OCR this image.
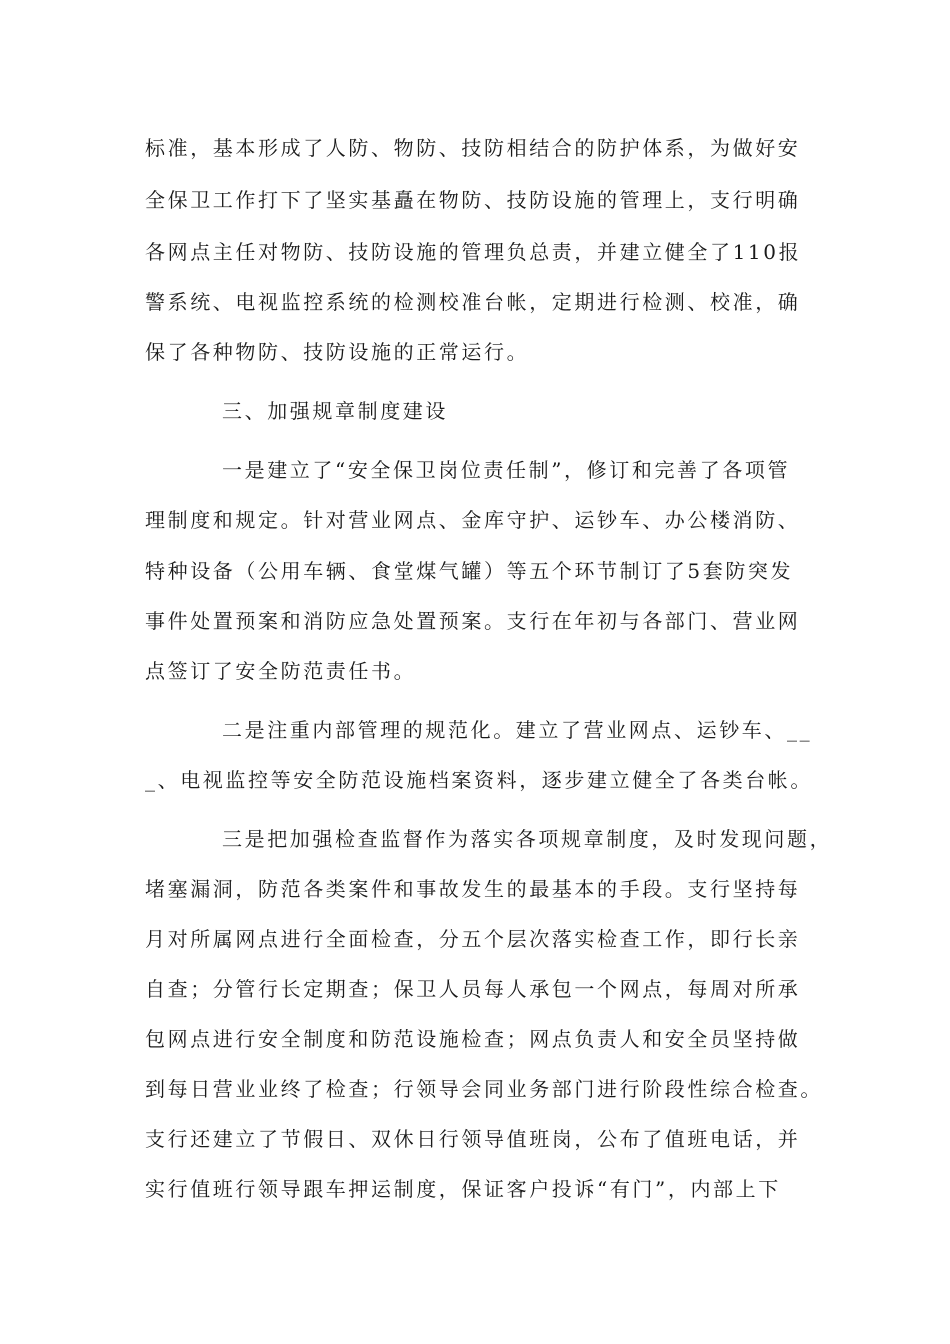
标准，基本形成了人防、物防、技防相结合的防护体系，为做好安
全保卫工作打下了坚实基矗在物防、技防设施的管理上，支行明确
各网点主任对物防、技防设施的管理负总责，并建立健全了110报
警系统、电视监控系统的检测校准台帐，定期进行检测、校准，确
保了各种物防、技防设施的正常运行。
三、加强规章制度建设
一是建立了“安全保卫岗位责任制”，修订和完善了各项管
理制度和规定。针对营业网点、金库守护、运钞车、办公楼消防、
特种设备（公用车辆、食堂煤气罐）等五个环节制订了5套防突发
事件处置预案和消防应急处置预案。支行在年初与各部门、营业网
点签订了安全防范责任书。
二是注重内部管理的规范化。建立了营业网点、运钞车、__
_、电视监控等安全防范设施档案资料，逐步建立健全了各类台帐。
三是把加强检查监督作为落实各项规章制度，及时发现问题，
堵塞漏洞，防范各类案件和事故发生的最基本的手段。支行坚持每
月对所属网点进行全面检查，分五个层次落实检查工作，即行长亲
自查；分管行长定期查；保卫人员每人承包一个网点，每周对所承
包网点进行安全制度和防范设施检查；网点负责人和安全员坚持做
到每日营业业终了检查；行领导会同业务部门进行阶段性综合检查。
支行还建立了节假日、双休日行领导值班岗，公布了值班电话，并
实行值班行领导跟车押运制度，保证客户投诉“有门”，内部上下
